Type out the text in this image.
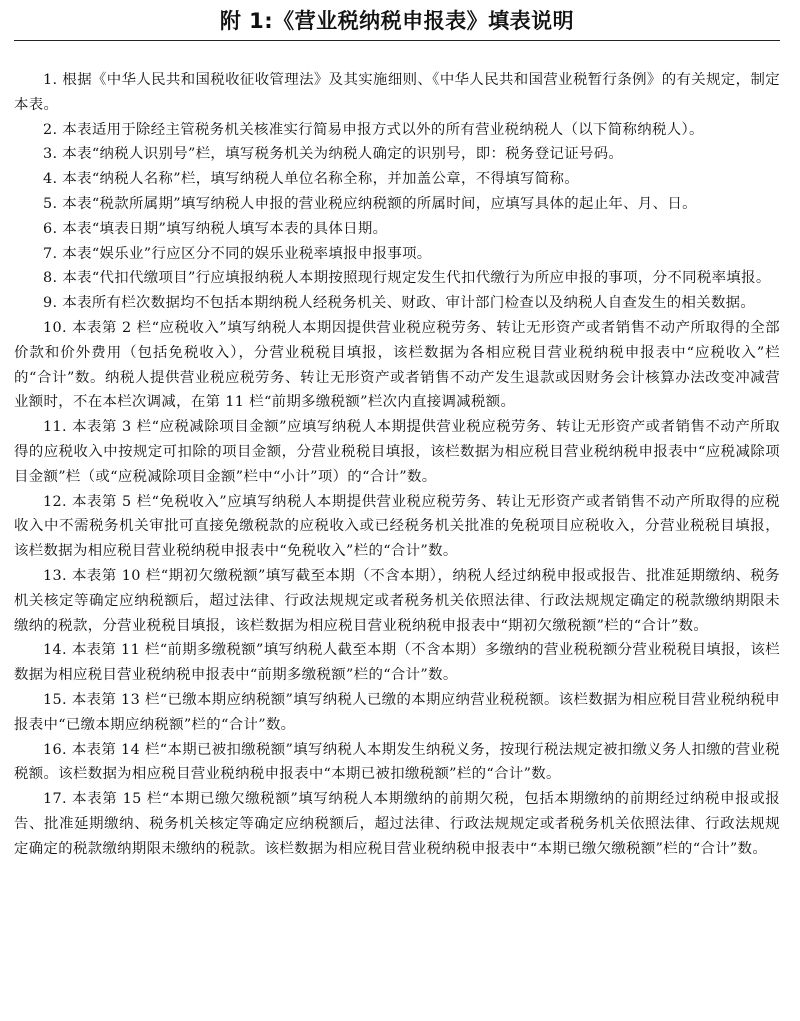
附 1:《营业税纳税申报表》填表说明

1. 根据《中华人民共和国税收征收管理法》及其实施细则、《中华人民共和国营业税暂行条例》的有关规定，制定本表。

2. 本表适用于除经主管税务机关核准实行简易申报方式以外的所有营业税纳税人（以下简称纳税人）。

3. 本表“纳税人识别号”栏，填写税务机关为纳税人确定的识别号，即：税务登记证号码。

4. 本表“纳税人名称”栏，填写纳税人单位名称全称，并加盖公章，不得填写简称。

5. 本表“税款所属期”填写纳税人申报的营业税应纳税额的所属时间，应填写具体的起止年、月、日。

6. 本表“填表日期”填写纳税人填写本表的具体日期。

7. 本表“娱乐业”行应区分不同的娱乐业税率填报申报事项。

8. 本表“代扣代缴项目”行应填报纳税人本期按照现行规定发生代扣代缴行为所应申报的事项，分不同税率填报。

9. 本表所有栏次数据均不包括本期纳税人经税务机关、财政、审计部门检查以及纳税人自查发生的相关数据。

10. 本表第 2 栏“应税收入”填写纳税人本期因提供营业税应税劳务、转让无形资产或者销售不动产所取得的全部价款和价外费用（包括免税收入），分营业税税目填报，该栏数据为各相应税目营业税纳税申报表中“应税收入”栏的“合计”数。纳税人提供营业税应税劳务、转让无形资产或者销售不动产发生退款或因财务会计核算办法改变冲减营业额时，不在本栏次调减，在第 11 栏“前期多缴税额”栏次内直接调减税额。

11. 本表第 3 栏“应税减除项目金额”应填写纳税人本期提供营业税应税劳务、转让无形资产或者销售不动产所取得的应税收入中按规定可扣除的项目金额，分营业税税目填报，该栏数据为相应税目营业税纳税申报表中“应税减除项目金额”栏（或“应税减除项目金额”栏中“小计”项）的“合计”数。

12. 本表第 5 栏“免税收入”应填写纳税人本期提供营业税应税劳务、转让无形资产或者销售不动产所取得的应税收入中不需税务机关审批可直接免缴税款的应税收入或已经税务机关批准的免税项目应税收入，分营业税税目填报，该栏数据为相应税目营业税纳税申报表中“免税收入”栏的“合计”数。

13. 本表第 10 栏“期初欠缴税额”填写截至本期（不含本期），纳税人经过纳税申报或报告、批准延期缴纳、税务机关核定等确定应纳税额后，超过法律、行政法规规定或者税务机关依照法律、行政法规规定确定的税款缴纳期限未缴纳的税款，分营业税税目填报，该栏数据为相应税目营业税纳税申报表中“期初欠缴税额”栏的“合计”数。

14. 本表第 11 栏“前期多缴税额”填写纳税人截至本期（不含本期）多缴纳的营业税税额分营业税税目填报，该栏数据为相应税目营业税纳税申报表中“前期多缴税额”栏的“合计”数。

15. 本表第 13 栏“已缴本期应纳税额”填写纳税人已缴的本期应纳营业税税额。该栏数据为相应税目营业税纳税申报表中“已缴本期应纳税额”栏的“合计”数。

16. 本表第 14 栏“本期已被扣缴税额”填写纳税人本期发生纳税义务，按现行税法规定被扣缴义务人扣缴的营业税税额。该栏数据为相应税目营业税纳税申报表中“本期已被扣缴税额”栏的“合计”数。

17. 本表第 15 栏“本期已缴欠缴税额”填写纳税人本期缴纳的前期欠税，包括本期缴纳的前期经过纳税申报或报告、批准延期缴纳、税务机关核定等确定应纳税额后，超过法律、行政法规规定或者税务机关依照法律、行政法规规定确定的税款缴纳期限未缴纳的税款。该栏数据为相应税目营业税纳税申报表中“本期已缴欠缴税额”栏的“合计”数。
